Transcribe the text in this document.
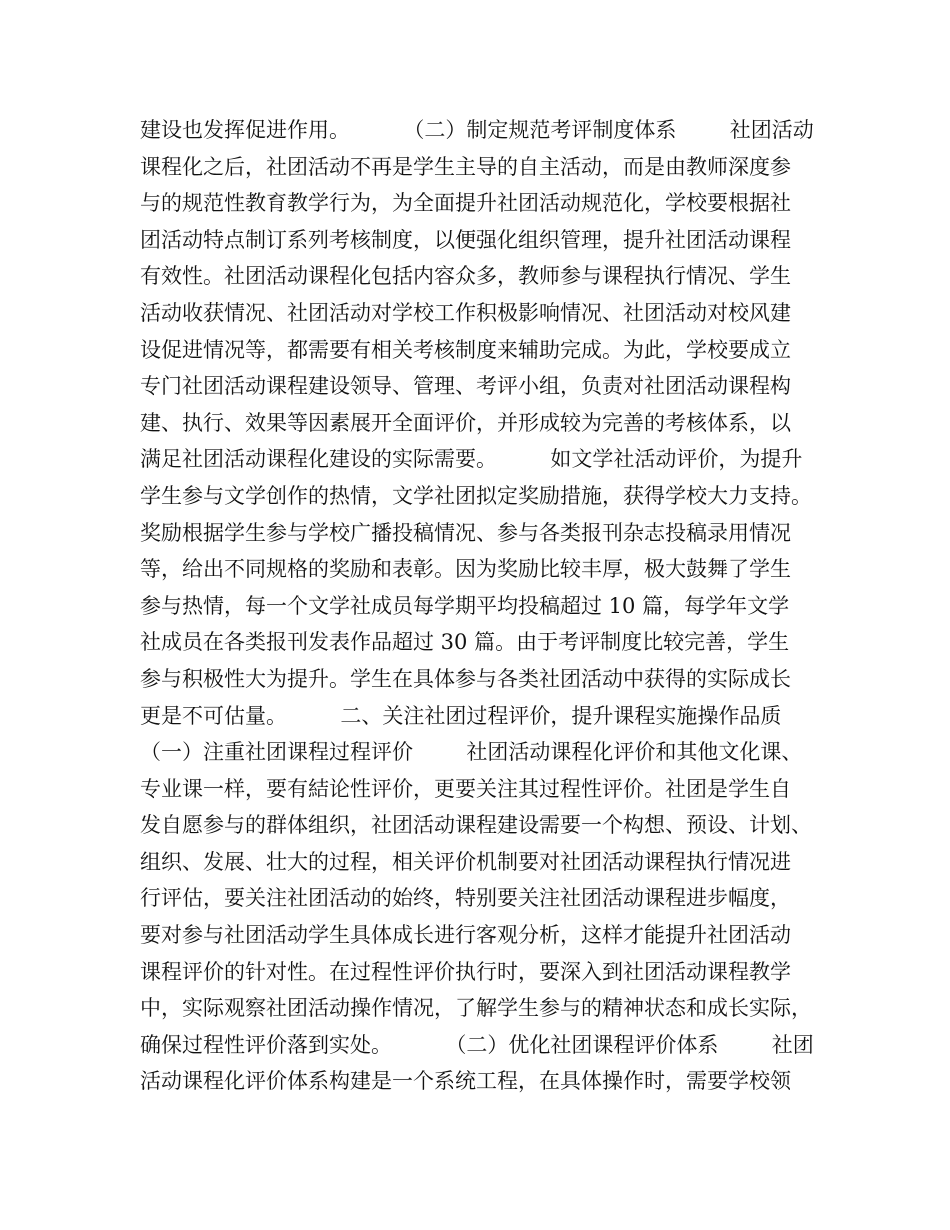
建设也发挥促进作用。        （二）制定规范考评制度体系        社团活动
课程化之后，社团活动不再是学生主导的自主活动，而是由教师深度参
与的规范性教育教学行为，为全面提升社团活动规范化，学校要根据社
团活动特点制订系列考核制度，以便强化组织管理，提升社团活动课程
有效性。社团活动课程化包括内容众多，教师参与课程执行情况、学生
活动收获情况、社团活动对学校工作积极影响情况、社团活动对校风建
设促进情况等，都需要有相关考核制度来辅助完成。为此，学校要成立
专门社团活动课程建设领导、管理、考评小组，负责对社团活动课程构
建、执行、效果等因素展开全面评价，并形成较为完善的考核体系，以
满足社团活动课程化建设的实际需要。        如文学社活动评价，为提升
学生参与文学创作的热情，文学社团拟定奖励措施，获得学校大力支持。
奖励根据学生参与学校广播投稿情况、参与各类报刊杂志投稿录用情况
等，给出不同规格的奖励和表彰。因为奖励比较丰厚，极大鼓舞了学生
参与热情，每一个文学社成员每学期平均投稿超过 10 篇，每学年文学
社成员在各类报刊发表作品超过 30 篇。由于考评制度比较完善，学生
参与积极性大为提升。学生在具体参与各类社团活动中获得的实际成长
更是不可估量。        二、关注社团过程评价，提升课程实施操作品质
（一）注重社团课程过程评价        社团活动课程化评价和其他文化课、
专业课一样，要有結论性评价，更要关注其过程性评价。社团是学生自
发自愿参与的群体组织，社团活动课程建设需要一个构想、预设、计划、
组织、发展、壮大的过程，相关评价机制要对社团活动课程执行情况进
行评估，要关注社团活动的始终，特别要关注社团活动课程进步幅度，
要对参与社团活动学生具体成长进行客观分析，这样才能提升社团活动
课程评价的针对性。在过程性评价执行时，要深入到社团活动课程教学
中，实际观察社团活动操作情况，了解学生参与的精神状态和成长实际，
确保过程性评价落到实处。        （二）优化社团课程评价体系        社团
活动课程化评价体系构建是一个系统工程，在具体操作时，需要学校领
